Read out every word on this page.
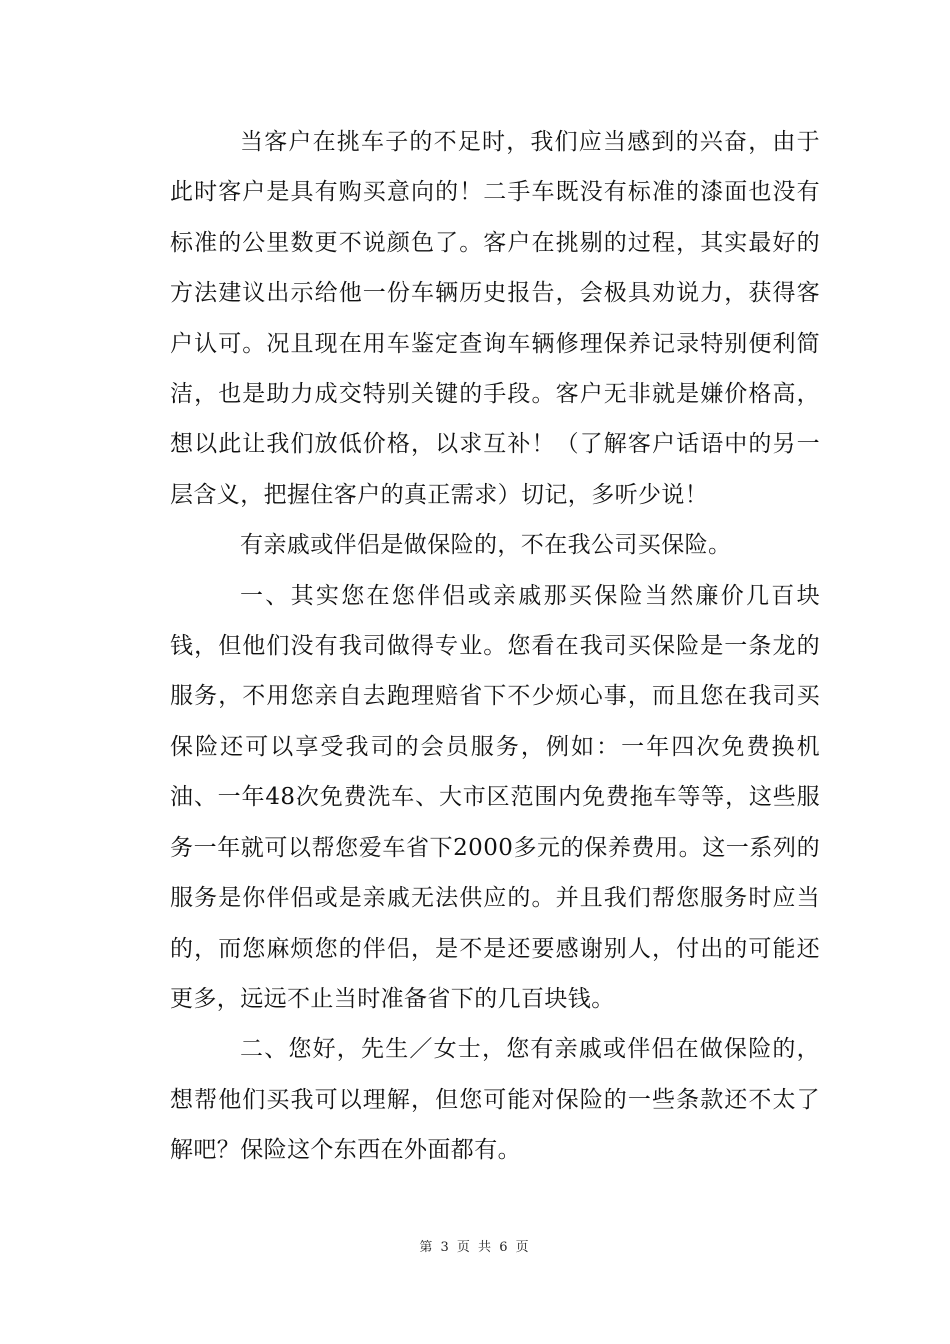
当客户在挑车子的不足时，我们应当感到的兴奋，由于此时客户是具有购买意向的！二手车既没有标准的漆面也没有标准的公里数更不说颜色了。客户在挑剔的过程，其实最好的方法建议出示给他一份车辆历史报告，会极具劝说力，获得客户认可。况且现在用车鉴定查询车辆修理保养记录特别便利简洁，也是助力成交特别关键的手段。客户无非就是嫌价格高，想以此让我们放低价格，以求互补！（了解客户话语中的另一层含义，把握住客户的真正需求）切记，多听少说！

有亲戚或伴侣是做保险的，不在我公司买保险。

一、其实您在您伴侣或亲戚那买保险当然廉价几百块钱，但他们没有我司做得专业。您看在我司买保险是一条龙的服务，不用您亲自去跑理赔省下不少烦心事，而且您在我司买保险还可以享受我司的会员服务，例如：一年四次免费换机油、一年48次免费洗车、大市区范围内免费拖车等等，这些服务一年就可以帮您爱车省下2000多元的保养费用。这一系列的服务是你伴侣或是亲戚无法供应的。并且我们帮您服务时应当的，而您麻烦您的伴侣，是不是还要感谢别人，付出的可能还更多，远远不止当时准备省下的几百块钱。

二、您好，先生／女士，您有亲戚或伴侣在做保险的，想帮他们买我可以理解，但您可能对保险的一些条款还不太了解吧？保险这个东西在外面都有。

第 3 页 共 6 页
